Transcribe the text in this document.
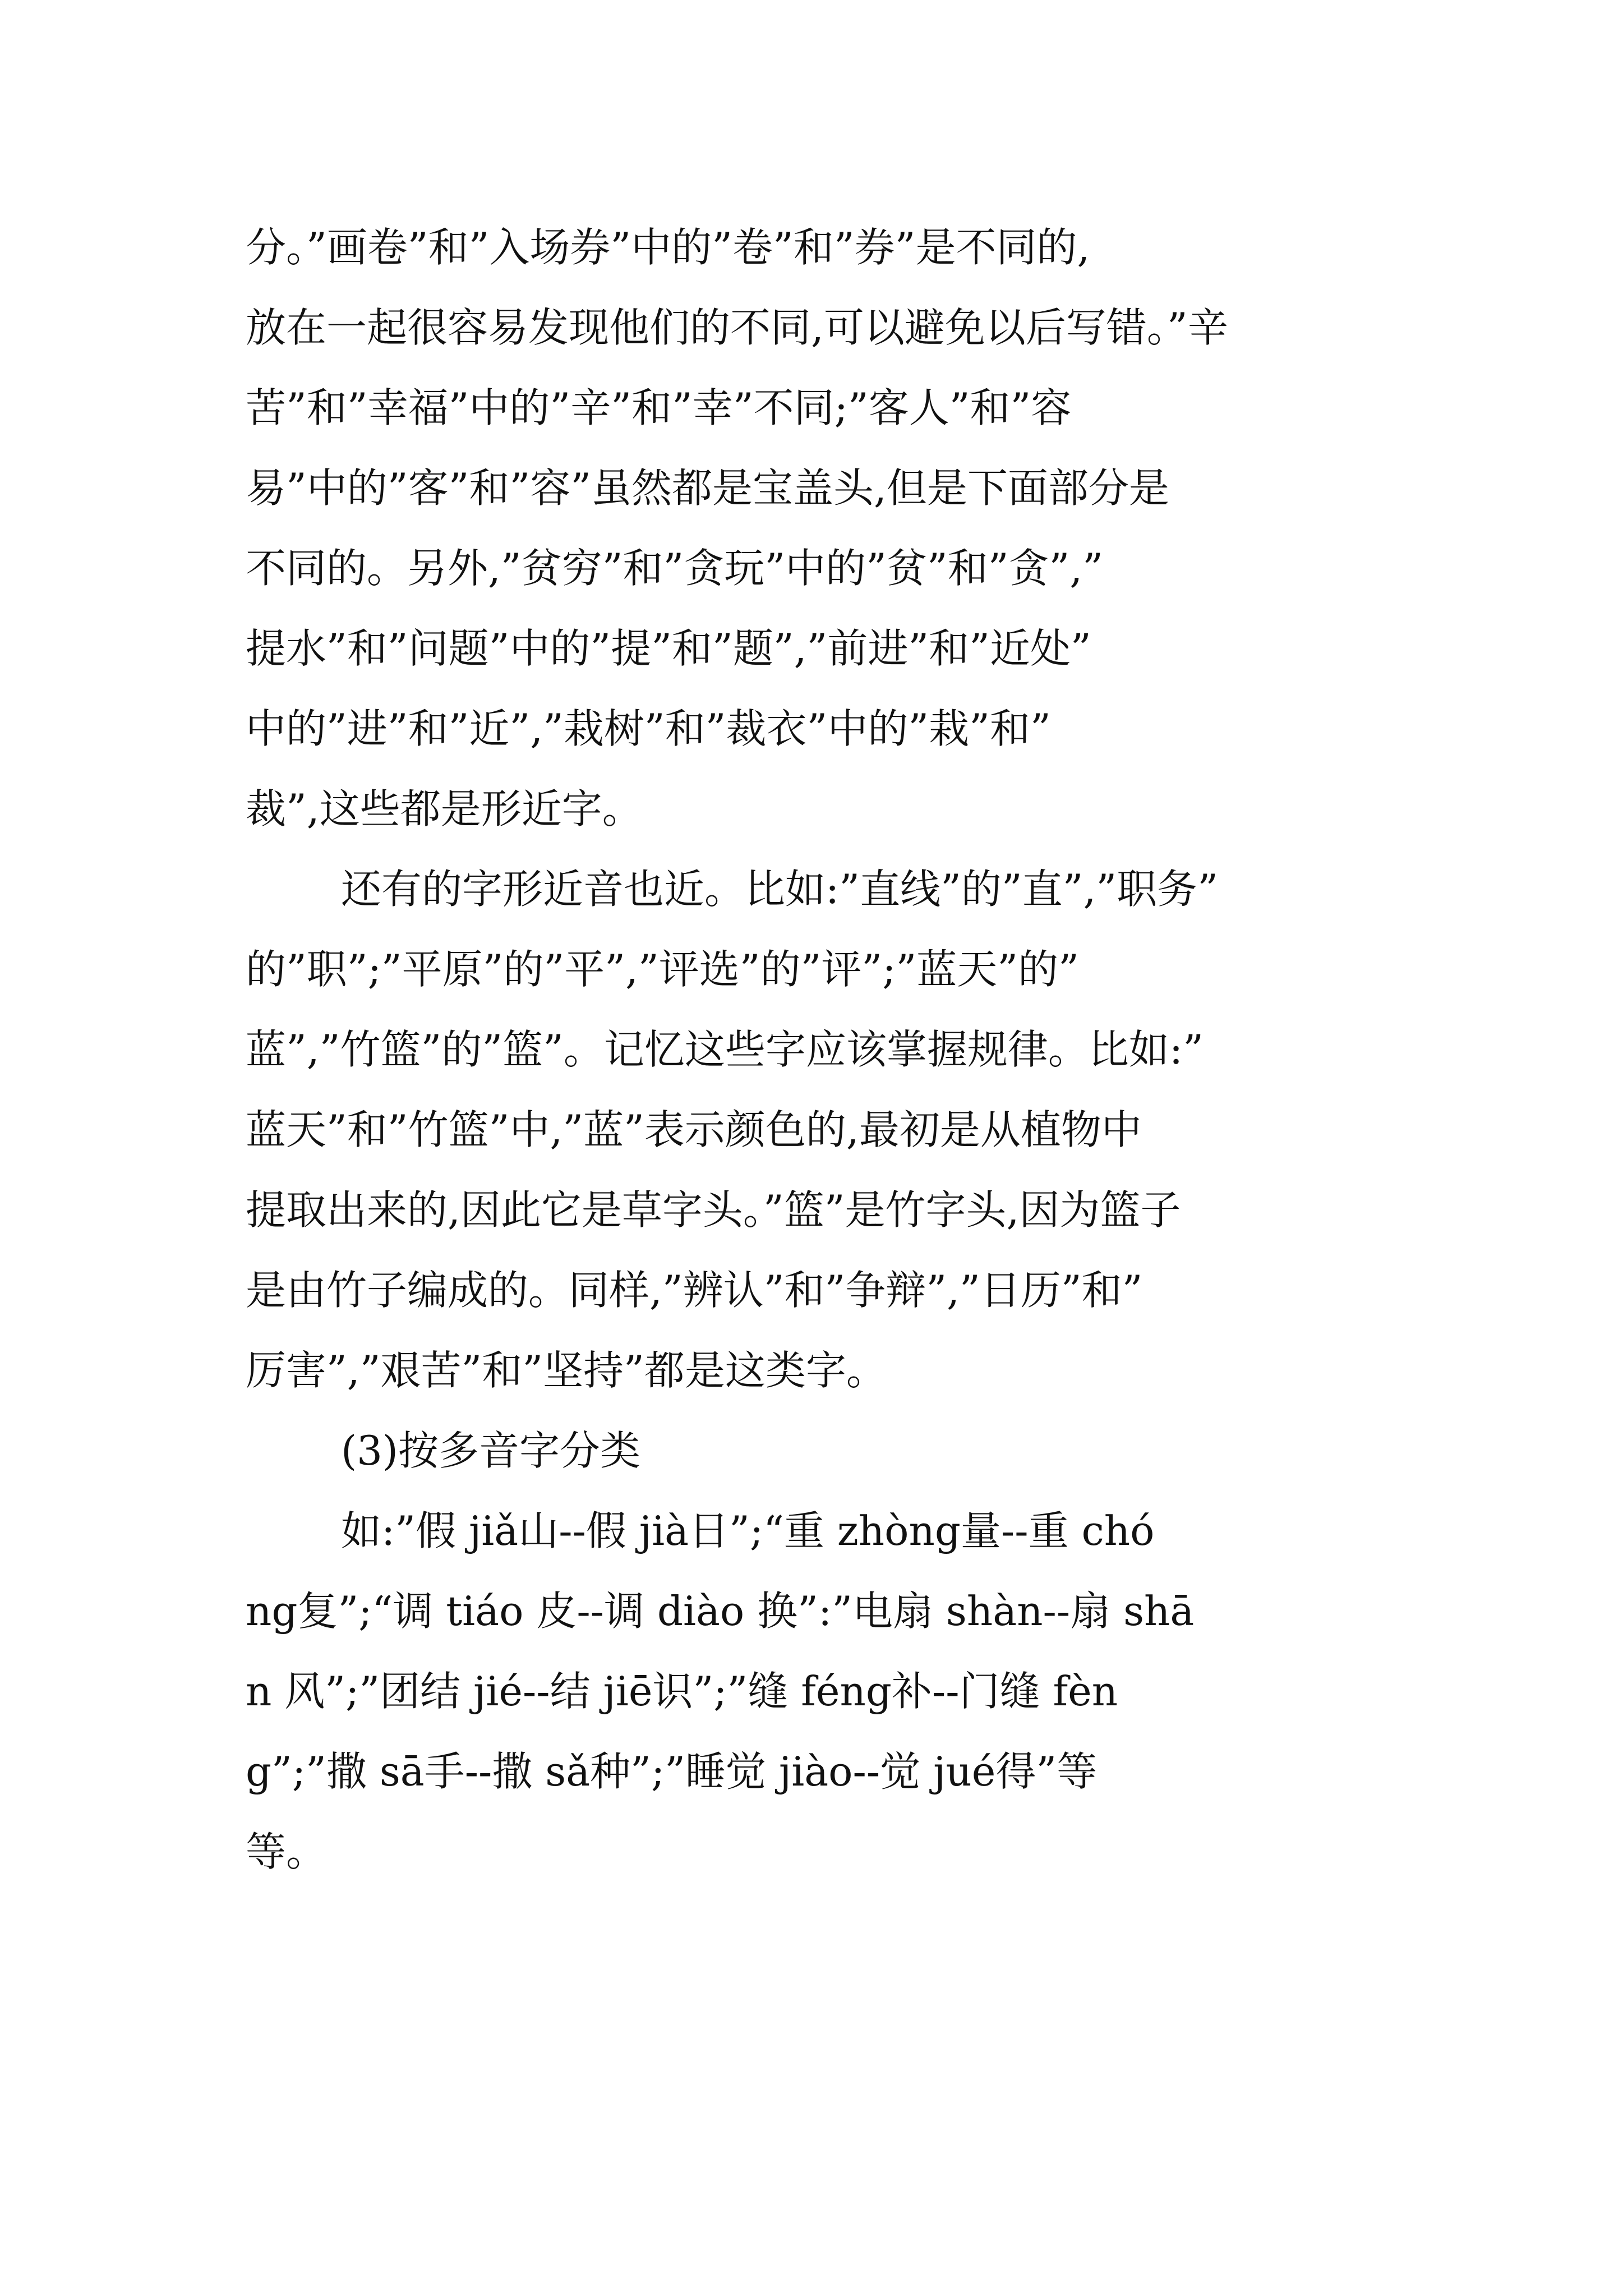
分。”画卷”和”入场券”中的”卷”和”券”是不同的,
放在一起很容易发现他们的不同,可以避免以后写错。”辛
苦”和”幸福”中的”辛”和”幸”不同;”客人”和”容
易”中的”客”和”容”虽然都是宝盖头,但是下面部分是
不同的。另外,”贫穷”和”贪玩”中的”贫”和”贪”,”
提水”和”问题”中的”提”和”题”,”前进”和”近处”
中的”进”和”近”,”栽树”和”裁衣”中的”栽”和”
裁”,这些都是形近字。
还有的字形近音也近。比如:”直线”的”直”,”职务”
的”职”;”平原”的”平”,”评选”的”评”;”蓝天”的”
蓝”,”竹篮”的”篮”。记忆这些字应该掌握规律。比如:”
蓝天”和”竹篮”中,”蓝”表示颜色的,最初是从植物中
提取出来的,因此它是草字头。”篮”是竹字头,因为篮子
是由竹子编成的。同样,”辨认”和”争辩”,”日历”和”
厉害”,”艰苦”和”坚持”都是这类字。
(3)按多音字分类
如:”假 jiǎ山--假 jià日”;“重 zhòng量--重 chó
ng复”;“调 tiáo 皮--调 diào 换”:”电扇 shàn--扇 shā
n 风”;”团结 jié--结 jiē识”;”缝 féng补--门缝 fèn
g”;”撒 sā手--撒 sǎ种”;”睡觉 jiào--觉 jué得”等
等。
